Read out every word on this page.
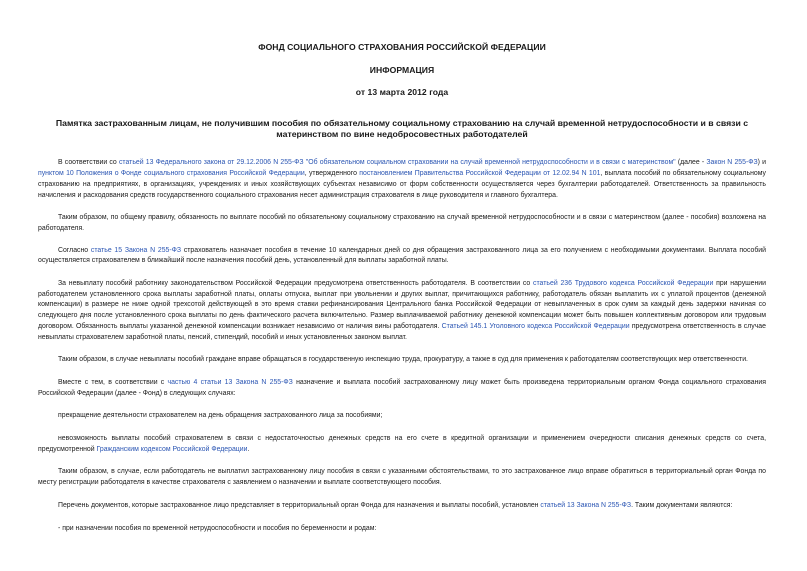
ФОНД СОЦИАЛЬНОГО СТРАХОВАНИЯ РОССИЙСКОЙ ФЕДЕРАЦИИ
ИНФОРМАЦИЯ
от 13 марта 2012 года
Памятка застрахованным лицам, не получившим пособия по обязательному социальному страхованию на случай временной нетрудоспособности и в связи с материнством по вине недобросовестных работодателей

В соответствии со статьей 13 Федерального закона от 29.12.2006 N 255-ФЗ "Об обязательном социальном страховании на случай временной нетрудоспособности и в связи с материнством" (далее - Закон N 255-ФЗ) и пунктом 10 Положения о Фонде социального страхования Российской Федерации, утвержденного постановлением Правительства Российской Федерации от 12.02.94 N 101, выплата пособий по обязательному социальному страхованию на предприятиях, в организациях, учреждениях и иных хозяйствующих субъектах независимо от форм собственности осуществляется через бухгалтерии работодателей. Ответственность за правильность начисления и расходования средств государственного социального страхования несет администрация страхователя в лице руководителя и главного бухгалтера.

Таким образом, по общему правилу, обязанность по выплате пособий по обязательному социальному страхованию на случай временной нетрудоспособности и в связи с материнством (далее - пособия) возложена на работодателя.

Согласно статье 15 Закона N 255-ФЗ страхователь назначает пособия в течение 10 календарных дней со дня обращения застрахованного лица за его получением с необходимыми документами. Выплата пособий осуществляется страхователем в ближайший после назначения пособий день, установленный для выплаты заработной платы.

За невыплату пособий работнику законодательством Российской Федерации предусмотрена ответственность работодателя. В соответствии со статьей 236 Трудового кодекса Российской Федерации при нарушении работодателем установленного срока выплаты заработной платы, оплаты отпуска, выплат при увольнении и других выплат, причитающихся работнику, работодатель обязан выплатить их с уплатой процентов (денежной компенсации) в размере не ниже одной трехсотой действующей в это время ставки рефинансирования Центрального банка Российской Федерации от невыплаченных в срок сумм за каждый день задержки начиная со следующего дня после установленного срока выплаты по день фактического расчета включительно. Размер выплачиваемой работнику денежной компенсации может быть повышен коллективным договором или трудовым договором. Обязанность выплаты указанной денежной компенсации возникает независимо от наличия вины работодателя. Статьей 145.1 Уголовного кодекса Российской Федерации предусмотрена ответственность в случае невыплаты страхователем заработной платы, пенсий, стипендий, пособий и иных установленных законом выплат.

Таким образом, в случае невыплаты пособий граждане вправе обращаться в государственную инспекцию труда, прокуратуру, а также в суд для применения к работодателям соответствующих мер ответственности.

Вместе с тем, в соответствии с частью 4 статьи 13 Закона N 255-ФЗ назначение и выплата пособий застрахованному лицу может быть произведена территориальным органом Фонда социального страхования Российской Федерации (далее - Фонд) в следующих случаях:

прекращение деятельности страхователем на день обращения застрахованного лица за пособиями;

невозможность выплаты пособий страхователем в связи с недостаточностью денежных средств на его счете в кредитной организации и применением очередности списания денежных средств со счета, предусмотренной Гражданским кодексом Российской Федерации.

Таким образом, в случае, если работодатель не выплатил застрахованному лицу пособия в связи с указанными обстоятельствами, то это застрахованное лицо вправе обратиться в территориальный орган Фонда по месту регистрации работодателя в качестве страхователя с заявлением о назначении и выплате соответствующего пособия.

Перечень документов, которые застрахованное лицо представляет в территориальный орган Фонда для назначения и выплаты пособий, установлен статьей 13 Закона N 255-ФЗ. Таким документами являются:

- при назначении пособия по временной нетрудоспособности и пособия по беременности и родам:
